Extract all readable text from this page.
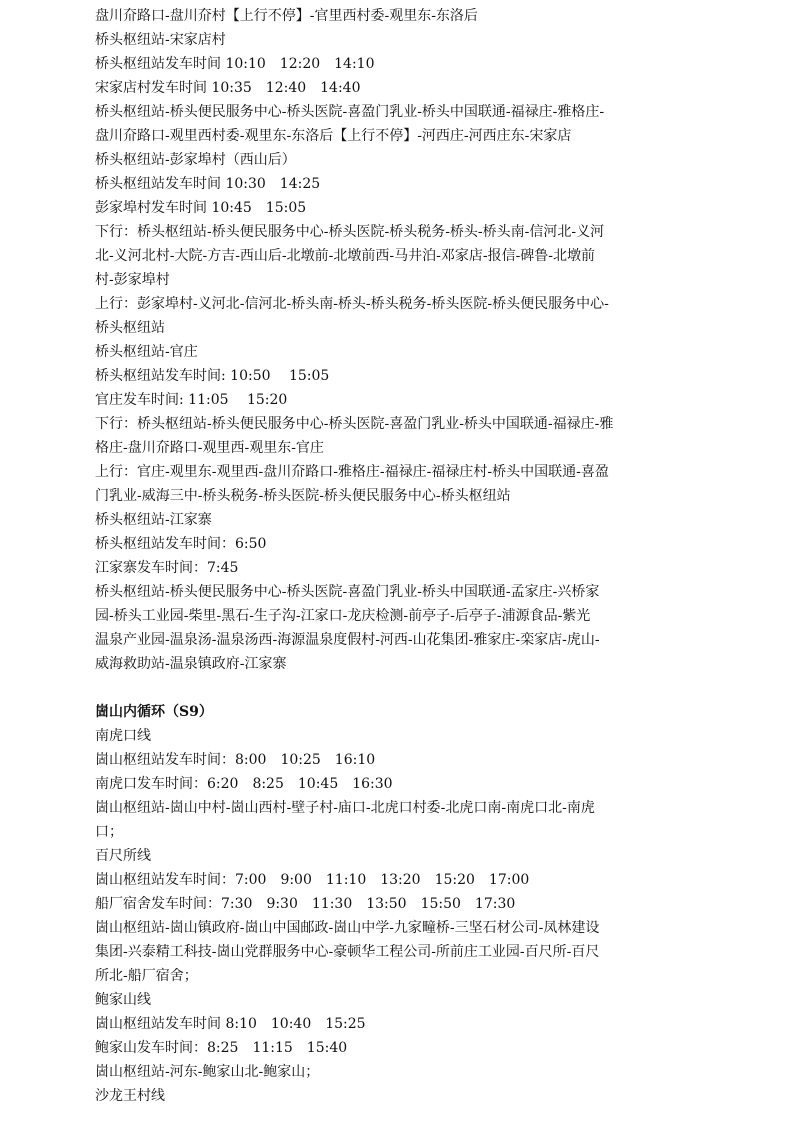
盘川夼路口-盘川夼村【上行不停】-官里西村委-观里东-东洛后
桥头枢纽站-宋家店村
桥头枢纽站发车时间 10:10　12:20　14:10
宋家店村发车时间 10:35　12:40　14:40
桥头枢纽站-桥头便民服务中心-桥头医院-喜盈门乳业-桥头中国联通-福禄庄-雅格庄-
盘川夼路口-观里西村委-观里东-东洛后【上行不停】-河西庄-河西庄东-宋家店
桥头枢纽站-彭家埠村（西山后）
桥头枢纽站发车时间 10:30　14:25
彭家埠村发车时间 10:45　15:05
下行：桥头枢纽站-桥头便民服务中心-桥头医院-桥头税务-桥头-桥头南-信河北-义河
北-义河北村-大院-方吉-西山后-北墩前-北墩前西-马井泊-邓家店-报信-碑鲁-北墩前
村-彭家埠村
上行：彭家埠村-义河北-信河北-桥头南-桥头-桥头税务-桥头医院-桥头便民服务中心-
桥头枢纽站
桥头枢纽站-官庄
桥头枢纽站发车时间: 10:50　 15:05
官庄发车时间: 11:05　 15:20
下行：桥头枢纽站-桥头便民服务中心-桥头医院-喜盈门乳业-桥头中国联通-福禄庄-雅
格庄-盘川夼路口-观里西-观里东-官庄
上行：官庄-观里东-观里西-盘川夼路口-雅格庄-福禄庄-福禄庄村-桥头中国联通-喜盈
门乳业-威海三中-桥头税务-桥头医院-桥头便民服务中心-桥头枢纽站
桥头枢纽站-江家寨
桥头枢纽站发车时间：6:50
江家寨发车时间：7:45
桥头枢纽站-桥头便民服务中心-桥头医院-喜盈门乳业-桥头中国联通-孟家庄-兴桥家
园-桥头工业园-柴里-黑石-生子沟-江家口-龙庆检测-前亭子-后亭子-浦源食品-紫光
温泉产业园-温泉汤-温泉汤西-海源温泉度假村-河西-山花集团-雅家庄-栾家店-虎山-
威海救助站-温泉镇政府-江家寨
崮山内循环（S9）
南虎口线
崮山枢纽站发车时间：8:00　10:25　16:10
南虎口发车时间：6:20　8:25　10:45　16:30
崮山枢纽站-崮山中村-崮山西村-壁子村-庙口-北虎口村委-北虎口南-南虎口北-南虎
口；
百尺所线
崮山枢纽站发车时间：7:00　9:00　11:10　13:20　15:20　17:00
船厂宿舍发车时间：7:30　9:30　11:30　13:50　15:50　17:30
崮山枢纽站-崮山镇政府-崮山中国邮政-崮山中学-九家疃桥-三坚石材公司-凤林建设
集团-兴泰精工科技-崮山党群服务中心-豪顿华工程公司-所前庄工业园-百尺所-百尺
所北-船厂宿舍；
鲍家山线
崮山枢纽站发车时间 8:10　10:40　15:25
鲍家山发车时间：8:25　11:15　15:40
崮山枢纽站-河东-鲍家山北-鲍家山；
沙龙王村线
